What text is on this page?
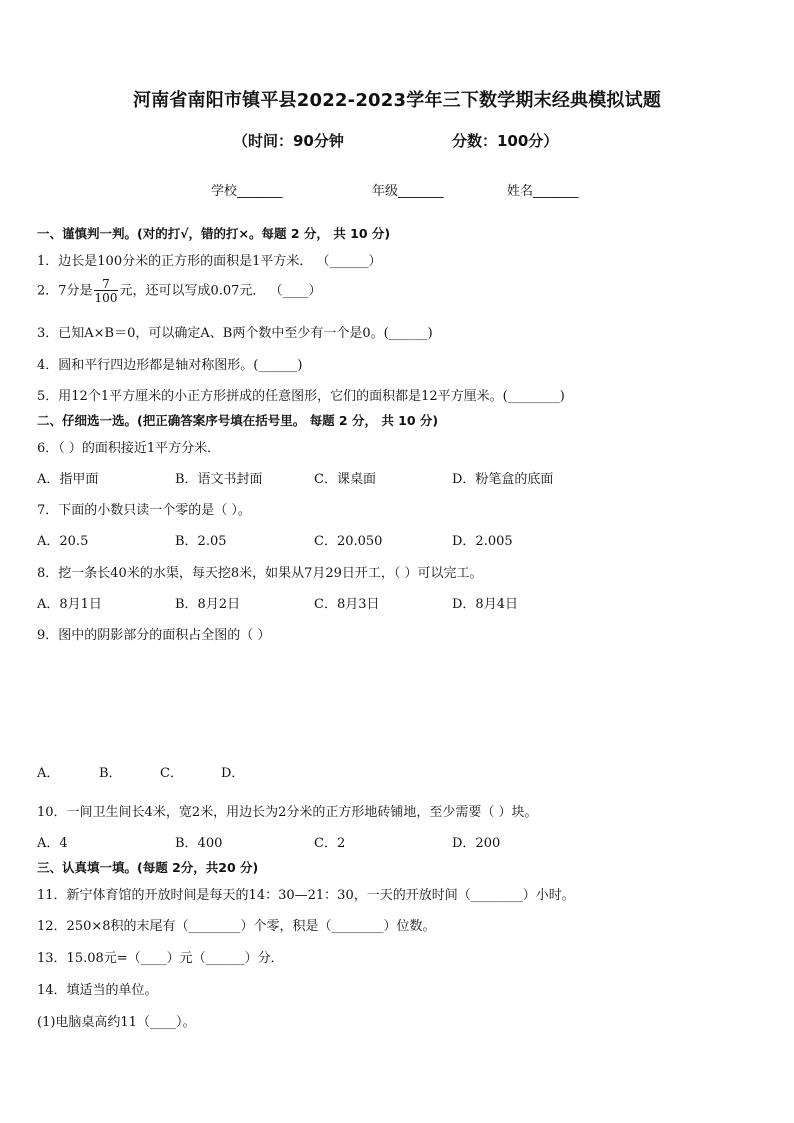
河南省南阳市镇平县2022-2023学年三下数学期末经典模拟试题
（时间：90分钟	分数：100分）
学校_______	年级_______	姓名_______
一、谨慎判一判。(对的打√，错的打×。每题 2 分， 共 10 分)
1．边长是100分米的正方形的面积是1平方米． （______）
2．7分是 $\frac{7}{100}$ 元，还可以写成0.07元． （____）
3．已知A×B＝0，可以确定A、B两个数中至少有一个是0。(______)
4．圆和平行四边形都是轴对称图形。(______)
5．用12个1平方厘米的小正方形拼成的任意图形，它们的面积都是12平方厘米。(________)
二、仔细选一选。(把正确答案序号填在括号里。 每题 2 分， 共 10 分)
6．（ ）的面积接近1平方分米．
A．指甲面	B．语文书封面	C．课桌面	D．粉笔盒的底面
7．下面的小数只读一个零的是（ ）。
A．20.5	B．2.05	C．20.050	D．2.005
8．挖一条长40米的水渠，每天挖8米，如果从7月29日开工，（ ）可以完工。
A．8月1日	B．8月2日	C．8月3日	D．8月4日
9．图中的阴影部分的面积占全图的（ ）
A．	B．	C．	D．
10．一间卫生间长4米，宽2米，用边长为2分米的正方形地砖铺地，至少需要（ ）块。
A．4	B．400	C．2	D．200
三、认真填一填。(每题 2分，共20 分)
11．新宁体育馆的开放时间是每天的14：30—21：30，一天的开放时间（________）小时。
12．250×8积的末尾有（________）个零，积是（________）位数。
13．15.08元=（____）元（______）分．
14．填适当的单位。
(1)电脑桌高约11（____）。
